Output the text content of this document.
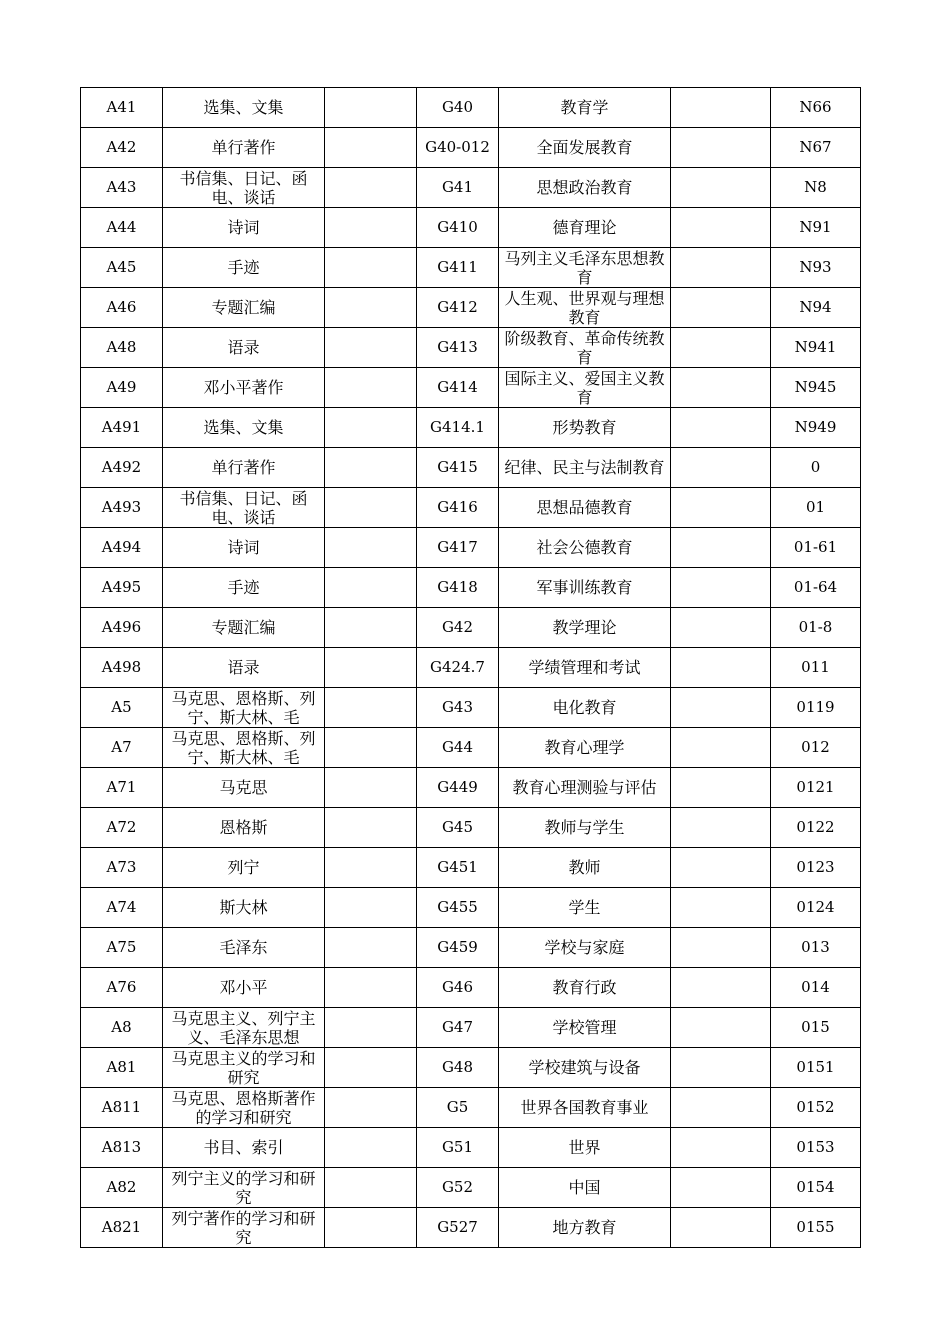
A41	选集、文集		G40	教育学		N66
A42	单行著作		G40-012	全面发展教育		N67
A43	书信集、日记、函电、谈话		G41	思想政治教育		N8
A44	诗词		G410	德育理论		N91
A45	手迹		G411	马列主义毛泽东思想教育		N93
A46	专题汇编		G412	人生观、世界观与理想教育		N94
A48	语录		G413	阶级教育、革命传统教育		N941
A49	邓小平著作		G414	国际主义、爱国主义教育		N945
A491	选集、文集		G414.1	形势教育		N949
A492	单行著作		G415	纪律、民主与法制教育		0
A493	书信集、日记、函电、谈话		G416	思想品德教育		01
A494	诗词		G417	社会公德教育		01-61
A495	手迹		G418	军事训练教育		01-64
A496	专题汇编		G42	教学理论		01-8
A498	语录		G424.7	学绩管理和考试		011
A5	马克思、恩格斯、列宁、斯大林、毛		G43	电化教育		0119
A7	马克思、恩格斯、列宁、斯大林、毛		G44	教育心理学		012
A71	马克思		G449	教育心理测验与评估		0121
A72	恩格斯		G45	教师与学生		0122
A73	列宁		G451	教师		0123
A74	斯大林		G455	学生		0124
A75	毛泽东		G459	学校与家庭		013
A76	邓小平		G46	教育行政		014
A8	马克思主义、列宁主义、毛泽东思想		G47	学校管理		015
A81	马克思主义的学习和研究		G48	学校建筑与设备		0151
A811	马克思、恩格斯著作的学习和研究		G5	世界各国教育事业		0152
A813	书目、索引		G51	世界		0153
A82	列宁主义的学习和研究		G52	中国		0154
A821	列宁著作的学习和研究		G527	地方教育		0155
